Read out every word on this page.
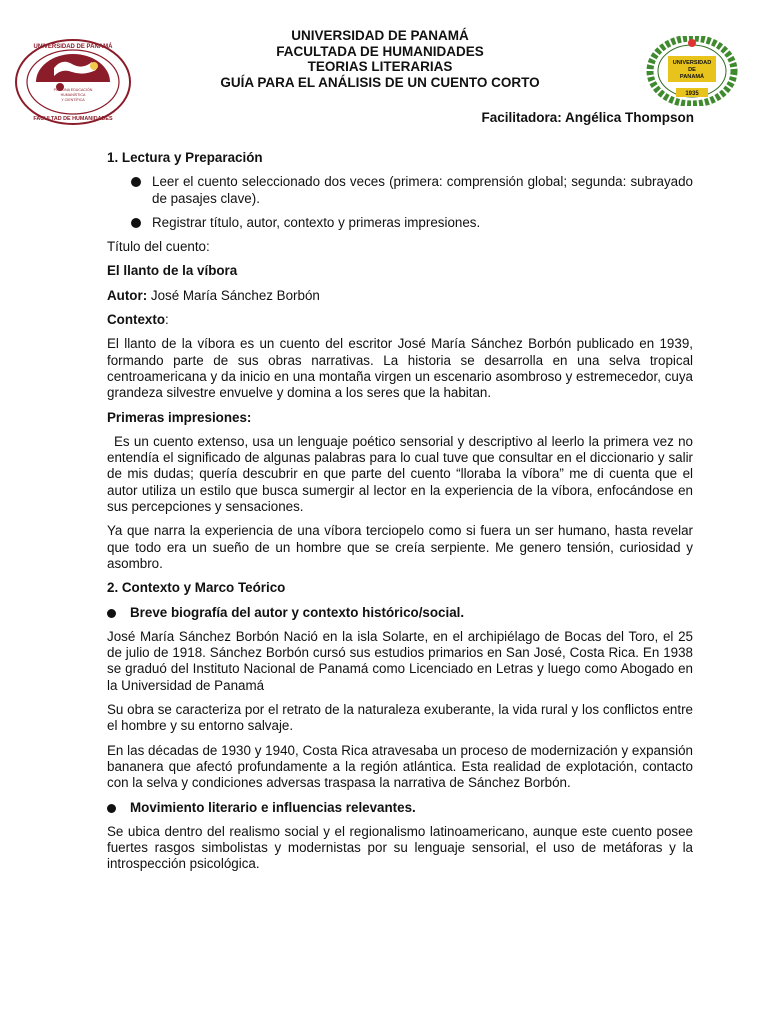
POR UNA EDUCACIÓN
HUMANÍSTICA
Y CIENTÍFICA
UNIVERSIDAD DE PANAMÁ
FACULTAD DE HUMANIDADES
UNIVERSIDAD DE PANAMÁ
FACULTADA DE HUMANIDADES
TEORIAS LITERARIAS
GUÍA PARA EL ANÁLISIS DE UN CUENTO CORTO
UNIVERSIDAD
DE
PANAMÁ
1935
Facilitadora: Angélica Thompson

1. Lectura y Preparación

Leer el cuento seleccionado dos veces (primera: comprensión global; segunda: subrayado de pasajes clave).
Registrar título, autor, contexto y primeras impresiones.

Título del cuento:

El llanto de la víbora

Autor: José María Sánchez Borbón

Contexto:

El llanto de la víbora es un cuento del escritor José María Sánchez Borbón publicado en 1939, formando parte de sus obras narrativas. La historia se desarrolla en una selva tropical centroamericana y da inicio en una montaña virgen un escenario asombroso y estremecedor, cuya grandeza silvestre envuelve y domina a los seres que la habitan.

Primeras impresiones:

Es un cuento extenso, usa un lenguaje poético sensorial y descriptivo al leerlo la primera vez no entendía el significado de algunas palabras para lo cual tuve que consultar en el diccionario y salir de mis dudas; quería descubrir en que parte del cuento “lloraba la víbora” me di cuenta que el autor utiliza un estilo que busca sumergir al lector en la experiencia de la víbora, enfocándose en sus percepciones y sensaciones.

Ya que narra la experiencia de una víbora terciopelo como si fuera un ser humano, hasta revelar que todo era un sueño de un hombre que se creía serpiente. Me genero tensión, curiosidad y asombro.

2. Contexto y Marco Teórico

Breve biografía del autor y contexto histórico/social.

José María Sánchez Borbón Nació en la isla Solarte, en el archipiélago de Bocas del Toro, el 25 de julio de 1918. Sánchez Borbón cursó sus estudios primarios en San José, Costa Rica. En 1938 se graduó del Instituto Nacional de Panamá como Licenciado en Letras y luego como Abogado en la Universidad de Panamá

Su obra se caracteriza por el retrato de la naturaleza exuberante, la vida rural y los conflictos entre el hombre y su entorno salvaje.

En las décadas de 1930 y 1940, Costa Rica atravesaba un proceso de modernización y expansión bananera que afectó profundamente a la región atlántica. Esta realidad de explotación, contacto con la selva y condiciones adversas traspasa la narrativa de Sánchez Borbón.

Movimiento literario e influencias relevantes.

Se ubica dentro del realismo social y el regionalismo latinoamericano, aunque este cuento posee fuertes rasgos simbolistas y modernistas por su lenguaje sensorial, el uso de metáforas y la introspección psicológica.
